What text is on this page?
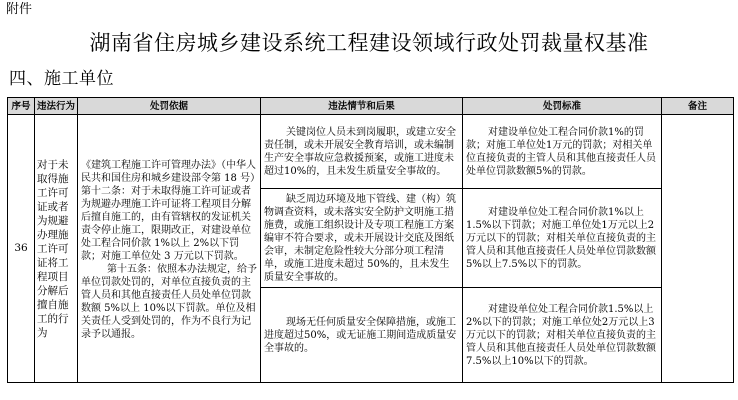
附件
湖南省住房城乡建设系统工程建设领域行政处罚裁量权基准
四、施工单位
序号	违法行为	处罚依据	违法情节和后果	处罚标准	备注
36	对于未取得施工许可证或者为规避办理施工许可证将工程项目分解后擅自施工的行为	《建筑工程施工许可管理办法》（中华人民共和国住房和城乡建设部令第 18 号）第十二条：对于未取得施工许可证或者为规避办理施工许可证将工程项目分解后擅自施工的，由有管辖权的发证机关责令停止施工，限期改正，对建设单位处工程合同价款 1%以上 2%以下罚款；对施工单位处 3 万元以下罚款。

第十五条：依照本办法规定，给予单位罚款处罚的，对单位直接负责的主管人员和其他直接责任人员处单位罚款数额 5%以上 10%以下罚款。单位及相关责任人受到处罚的，作为不良行为记录予以通报。	关键岗位人员未到岗履职，或建立安全责任制，或未开展安全教育培训，或未编制生产安全事故应急救援预案，或施工进度未超过10%的，且未发生质量安全事故的。	对建设单位处工程合同价款1%的罚款；对施工单位处1万元的罚款；对相关单位直接负责的主管人员和其他直接责任人员处单位罚款数额5%的罚款。	

			缺乏周边环境及地下管线、建（构）筑物调查资料，或未落实安全防护文明施工措施费，或施工组织设计及专项工程施工方案编审不符合要求，或未开展设计交底及图纸会审，未制定危险性较大分部分项工程清单，或施工进度未超过 50%的，且未发生质量安全事故的。	对建设单位处工程合同价款1%以上1.5%以下罚款；对施工单位处1万元以上2万元以下的罚款；对相关单位直接负责的主管人员和其他直接责任人员处单位罚款数额5%以上7.5%以下的罚款。	

			现场无任何质量安全保障措施，或施工进度超过50%，或无证施工期间造成质量安全事故的。	对建设单位处工程合同价款1.5%以上2%以下的罚款；对施工单位处2万元以上3万元以下的罚款；对相关单位直接负责的主管人员和其他直接责任人员处单位罚款数额7.5%以上10%以下的罚款。	
